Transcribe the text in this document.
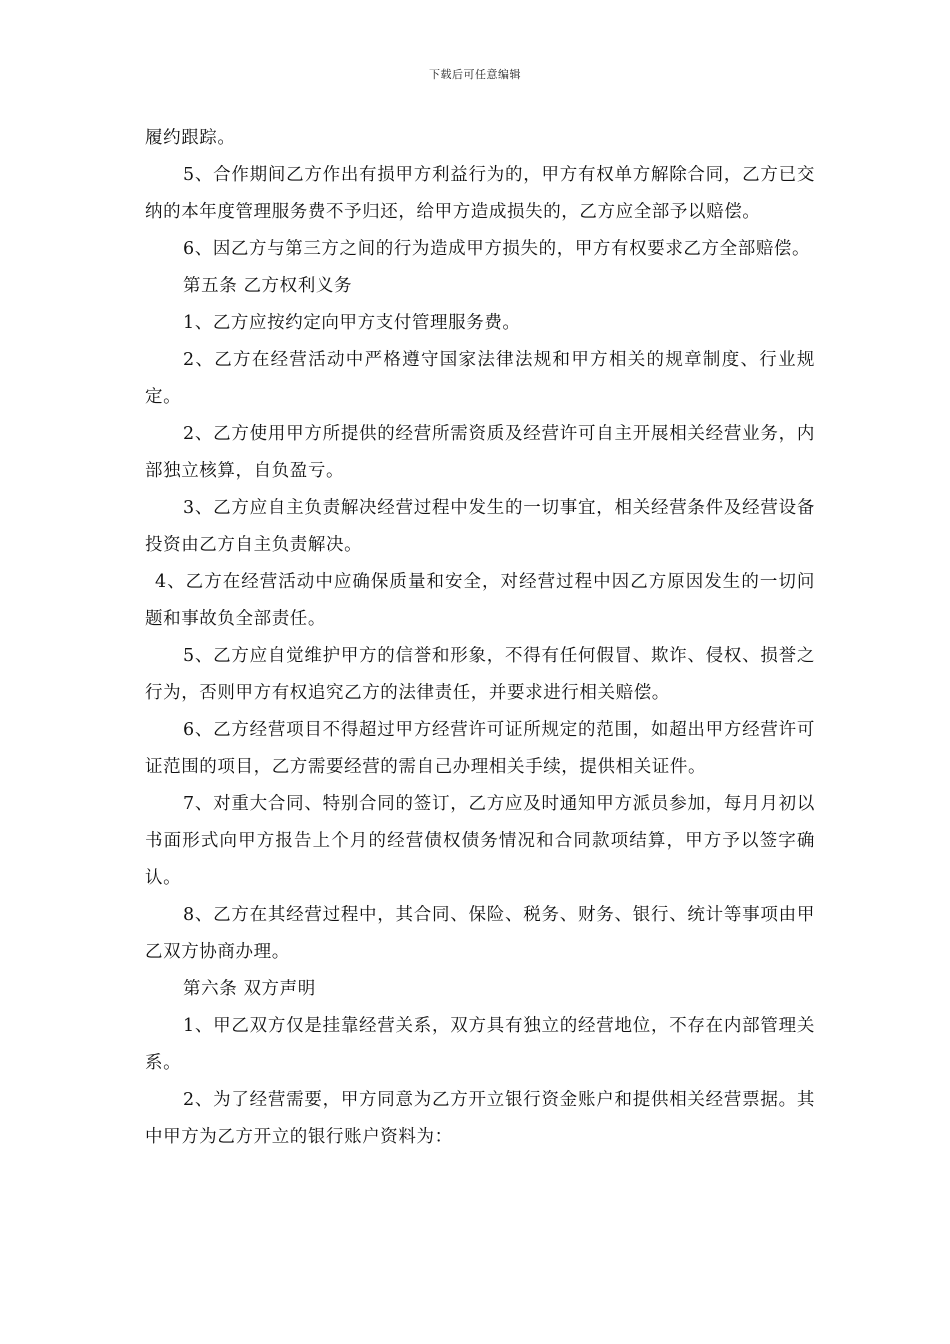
下载后可任意编辑

履约跟踪。

5、合作期间乙方作出有损甲方利益行为的，甲方有权单方解除合同，乙方已交纳的本年度管理服务费不予归还，给甲方造成损失的，乙方应全部予以赔偿。

6、因乙方与第三方之间的行为造成甲方损失的，甲方有权要求乙方全部赔偿。

第五条 乙方权利义务

1、乙方应按约定向甲方支付管理服务费。

2、乙方在经营活动中严格遵守国家法律法规和甲方相关的规章制度、行业规定。

2、乙方使用甲方所提供的经营所需资质及经营许可自主开展相关经营业务，内部独立核算，自负盈亏。

3、乙方应自主负责解决经营过程中发生的一切事宜，相关经营条件及经营设备投资由乙方自主负责解决。

4、乙方在经营活动中应确保质量和安全，对经营过程中因乙方原因发生的一切问题和事故负全部责任。

5、乙方应自觉维护甲方的信誉和形象，不得有任何假冒、欺诈、侵权、损誉之行为，否则甲方有权追究乙方的法律责任，并要求进行相关赔偿。

6、乙方经营项目不得超过甲方经营许可证所规定的范围，如超出甲方经营许可证范围的项目，乙方需要经营的需自己办理相关手续，提供相关证件。

7、对重大合同、特别合同的签订，乙方应及时通知甲方派员参加，每月月初以书面形式向甲方报告上个月的经营债权债务情况和合同款项结算，甲方予以签字确认。

8、乙方在其经营过程中，其合同、保险、税务、财务、银行、统计等事项由甲乙双方协商办理。

第六条 双方声明

1、甲乙双方仅是挂靠经营关系，双方具有独立的经营地位，不存在内部管理关系。

2、为了经营需要，甲方同意为乙方开立银行资金账户和提供相关经营票据。其中甲方为乙方开立的银行账户资料为：
